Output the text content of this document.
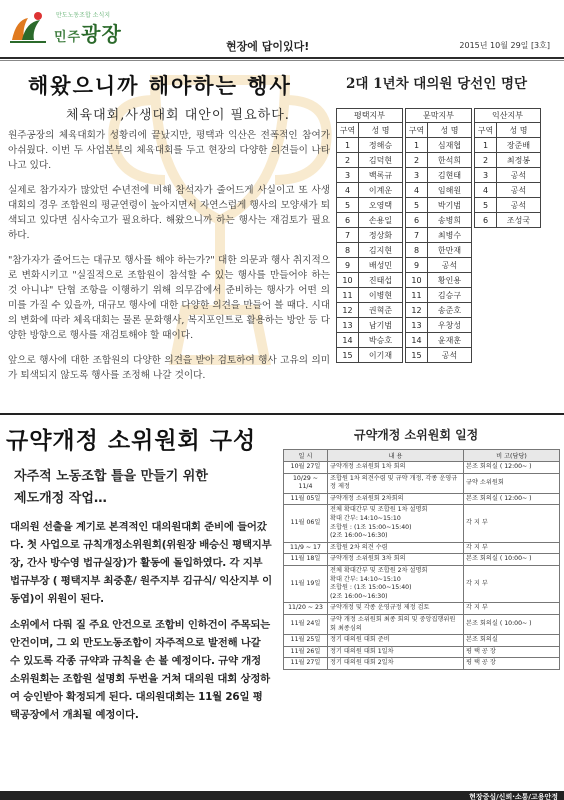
만도노동조합 소식지
민주광장
현장에 답이있다!	2015년 10월 29일 [3호]
해왔으니까 해야하는 행사
체육대회,사생대회 대안이 필요하다.

원주공장의 체육대회가 성황리에 끝났지만, 평택과 익산은 전폭적인 참여가 아쉬웠다. 이번 두 사업본부의 체육대회를 두고 현장의 다양한 의견들이 나타나고 있다.

실제로 참가자가 많았던 수년전에 비해 참석자가 줄어드게 사실이고 또 사생대회의 경우 조합원의 평균연령이 높아지면서 자연스럽게 행사의 모양새가 퇴색되고 있다면 심사숙고가 필요하다. 해왔으니까 하는 행사는 재검토가 필요하다.

"참가자가 줄어드는 대규모 행사를 해야 하는가?" 대한 의문과 행사 취지적으로 변화시키고 "실질적으로 조합원이 참석할 수 있는 행사를 만들어야 하는 것 아니냐" 단협 조항을 이행하기 위해 의무감에서 준비하는 행사가 어떤 의미를 가질 수 있을까, 대규모 행사에 대한 다양한 의견을 만들어 볼 때다. 시대의 변화에 따라 체육대회는 물론 문화행사, 복지포인트로 활용하는 방안 등 다양한 방향으로 행사를 재검토해야 할 때이다.

앞으로 행사에 대한 조합원의 다양한 의견을 받아 검토하여 행사 고유의 의미가 퇴색되지 않도록 행사를 조정해 나갈 것이다.

2대 1년차 대의원 당선인 명단
평택지부			문막지부			익산지부	
구역	성 명		구역	성 명		구역	성 명
1	정해승		1	심재협		1	장준배
2	김덕현		2	한석희		2	최정봉
3	백록규		3	김현태		3	공석
4	이계운		4	임해원		4	공석
5	오영택		5	박기범		5	공석
6	손용일		6	송병희		6	조성국
7	정상화		7	최병수			
8	김지현		8	한만재			
9	배성민		9	공석			
10	진태섭		10	황인용			
11	이병현		11	김승구			
12	권혁준		12	송준호			
13	남기범		13	우창성			
14	박승호		14	윤재훈			
15	이기재		15	공석			
규약개정 소위원회 구성
자주적 노동조합 틀을 만들기 위한
제도개정 작업…

대의원 선출을 계기로 본격적인 대의원대회 준비에 들어갔다. 첫 사업으로 규칙개정소위원회(위원장 배승신 평택지부장, 간사 방수영 법규실장)가 활동에 돌입하였다. 각 지부 법규부장 ( 평택지부 최중훈/ 원주지부 김규식/ 익산지부 이동엽)이 위원이 된다.

소위에서 다뤄 질 주요 안건으로 조합비 인하건이 주목되는 안건이며, 그 외 만도노동조합이 자주적으로 발전해 나갈 수 있도록 각종 규약과 규칙을 손 볼 예정이다. 규약 개정 소위원회는 조합원 설명회 두번을 거쳐 대의원 대회 상정하여 승인받아 확정되게 된다. 대의원대회는 11월 26일 평택공장에서 개최될 예정이다.

규약개정 소위원회 일정
일 시	내 용	비 고(담당)
10월 27일	규약개정 소위원회 1차 회의	본조 회의실 ( 12:00~ )
10/29 ~ 11/4	조합원 1차 의견수렴 및 규약 개정, 각종 운영규정 제정	규약 소위원회
11월 05일	규약개정 소위원회 2차회의	본조 회의실 ( 12:00~ )
11월 06일	전체 확대간부 및 조합원 1차 설명회
확대 간부: 14:10~15:10
조합원 : (1조 15:00~15:40)
(2조 16:00~16:30)	각 지 부
11/9 ~ 17	조합원 2차 의견 수렴	각 지 부
11월 18일	규약개정 소위원회 3차 회의	본조 회의실 ( 10:00~ )
11월 19일	전체 확대간부 및 조합원 2차 설명회
확대 간부: 14:10~15:10
조합원 : (1조 15:00~15:40)
(2조 16:00~16:30)	각 지 부
11/20 ~ 23	규약개정 및 각종 운영규정 제정 검토	각 지 부
11월 24일	규약 개정 소위원회 최종 회의 및 중앙집행위원회 최종심의	본조 회의실 ( 10:00~ )
11월 25일	정기 대의원 대회 준비	본조 회의실
11월 26일	정기 대의원 대회 1일차	평 택 공 장
11월 27일	정기 대의원 대회 2일차	평 택 공 장
현장중심/신뢰·소통/고용안정
